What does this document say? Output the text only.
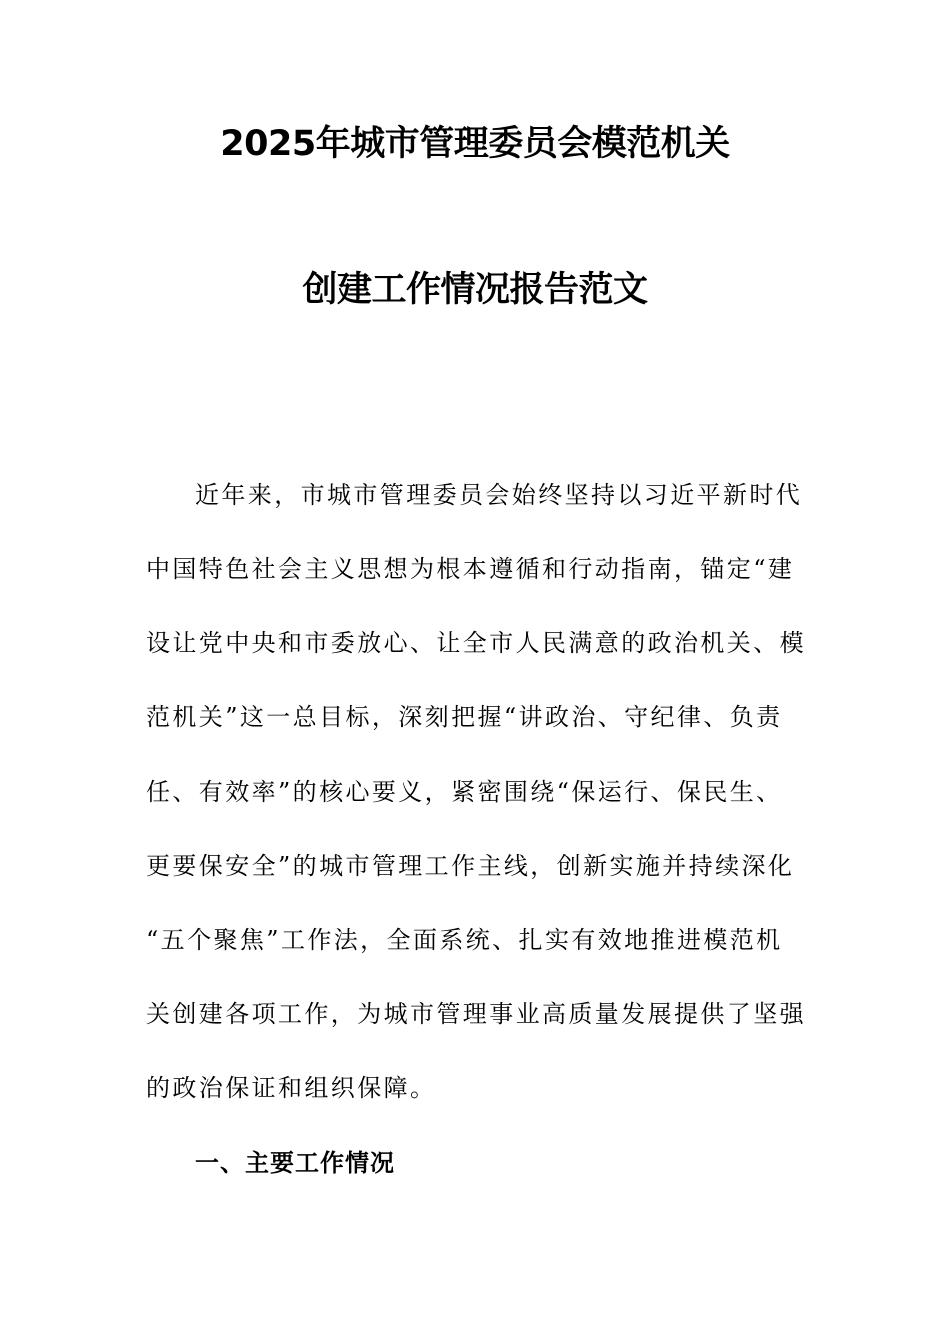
2025年城市管理委员会模范机关
创建工作情况报告范文
近年来，市城市管理委员会始终坚持以习近平新时代
中国特色社会主义思想为根本遵循和行动指南，锚定“建
设让党中央和市委放心、让全市人民满意的政治机关、模
范机关”这一总目标，深刻把握“讲政治、守纪律、负责
任、有效率”的核心要义，紧密围绕“保运行、保民生、
更要保安全”的城市管理工作主线，创新实施并持续深化
“五个聚焦”工作法，全面系统、扎实有效地推进模范机
关创建各项工作，为城市管理事业高质量发展提供了坚强
的政治保证和组织保障。
一、主要工作情况
